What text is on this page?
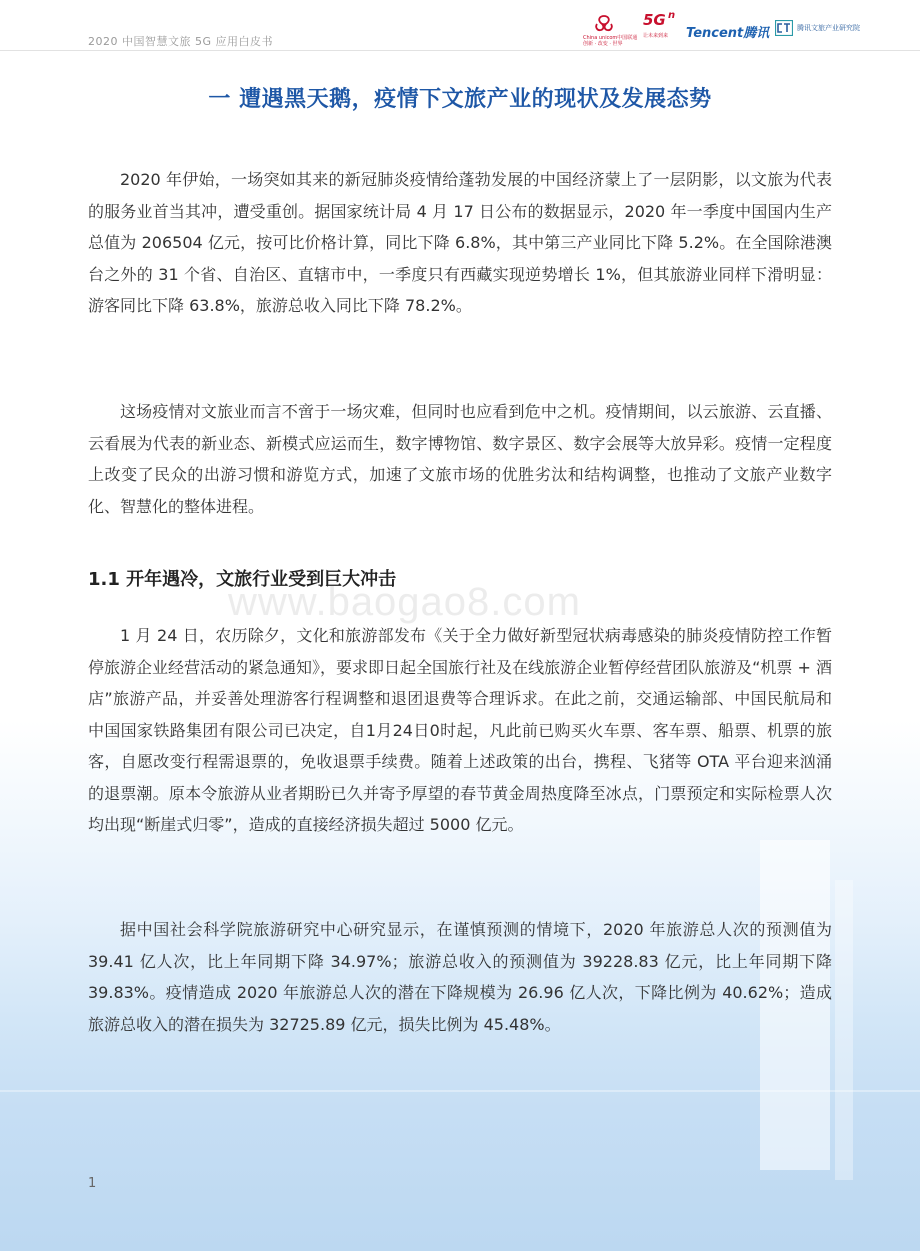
2020 中国智慧文旅 5G 应用白皮书	China unicom中国联通
创新 · 改变 · 世界
5G n
让未来到来 Tencent腾讯	腾讯文旅产业研究院
www.baogao8.com
一 遭遇黑天鹅，疫情下文旅产业的现状及发展态势

2020 年伊始，一场突如其来的新冠肺炎疫情给蓬勃发展的中国经济蒙上了一层阴影，以文旅为代表的服务业首当其冲，遭受重创。据国家统计局 4 月 17 日公布的数据显示，2020 年一季度中国国内生产总值为 206504 亿元，按可比价格计算，同比下降 6.8%，其中第三产业同比下降 5.2%。在全国除港澳台之外的 31 个省、自治区、直辖市中，一季度只有西藏实现逆势增长 1%，但其旅游业同样下滑明显：游客同比下降 63.8%，旅游总收入同比下降 78.2%。

这场疫情对文旅业而言不啻于一场灾难，但同时也应看到危中之机。疫情期间，以云旅游、云直播、云看展为代表的新业态、新模式应运而生，数字博物馆、数字景区、数字会展等大放异彩。疫情一定程度上改变了民众的出游习惯和游览方式，加速了文旅市场的优胜劣汰和结构调整，也推动了文旅产业数字化、智慧化的整体进程。

1.1 开年遇冷，文旅行业受到巨大冲击

1 月 24 日，农历除夕，文化和旅游部发布《关于全力做好新型冠状病毒感染的肺炎疫情防控工作暂停旅游企业经营活动的紧急通知》，要求即日起全国旅行社及在线旅游企业暂停经营团队旅游及“机票 + 酒店”旅游产品，并妥善处理游客行程调整和退团退费等合理诉求。在此之前，交通运输部、中国民航局和中国国家铁路集团有限公司已决定，自1月24日0时起，凡此前已购买火车票、客车票、船票、机票的旅客，自愿改变行程需退票的，免收退票手续费。随着上述政策的出台，携程、飞猪等 OTA 平台迎来汹涌的退票潮。原本令旅游从业者期盼已久并寄予厚望的春节黄金周热度降至冰点，门票预定和实际检票人次均出现“断崖式归零”，造成的直接经济损失超过 5000 亿元。

据中国社会科学院旅游研究中心研究显示，在谨慎预测的情境下，2020 年旅游总人次的预测值为 39.41 亿人次，比上年同期下降 34.97%；旅游总收入的预测值为 39228.83 亿元，比上年同期下降 39.83%。疫情造成 2020 年旅游总人次的潜在下降规模为 26.96 亿人次，下降比例为 40.62%；造成旅游总收入的潜在损失为 32725.89 亿元，损失比例为 45.48%。

1
